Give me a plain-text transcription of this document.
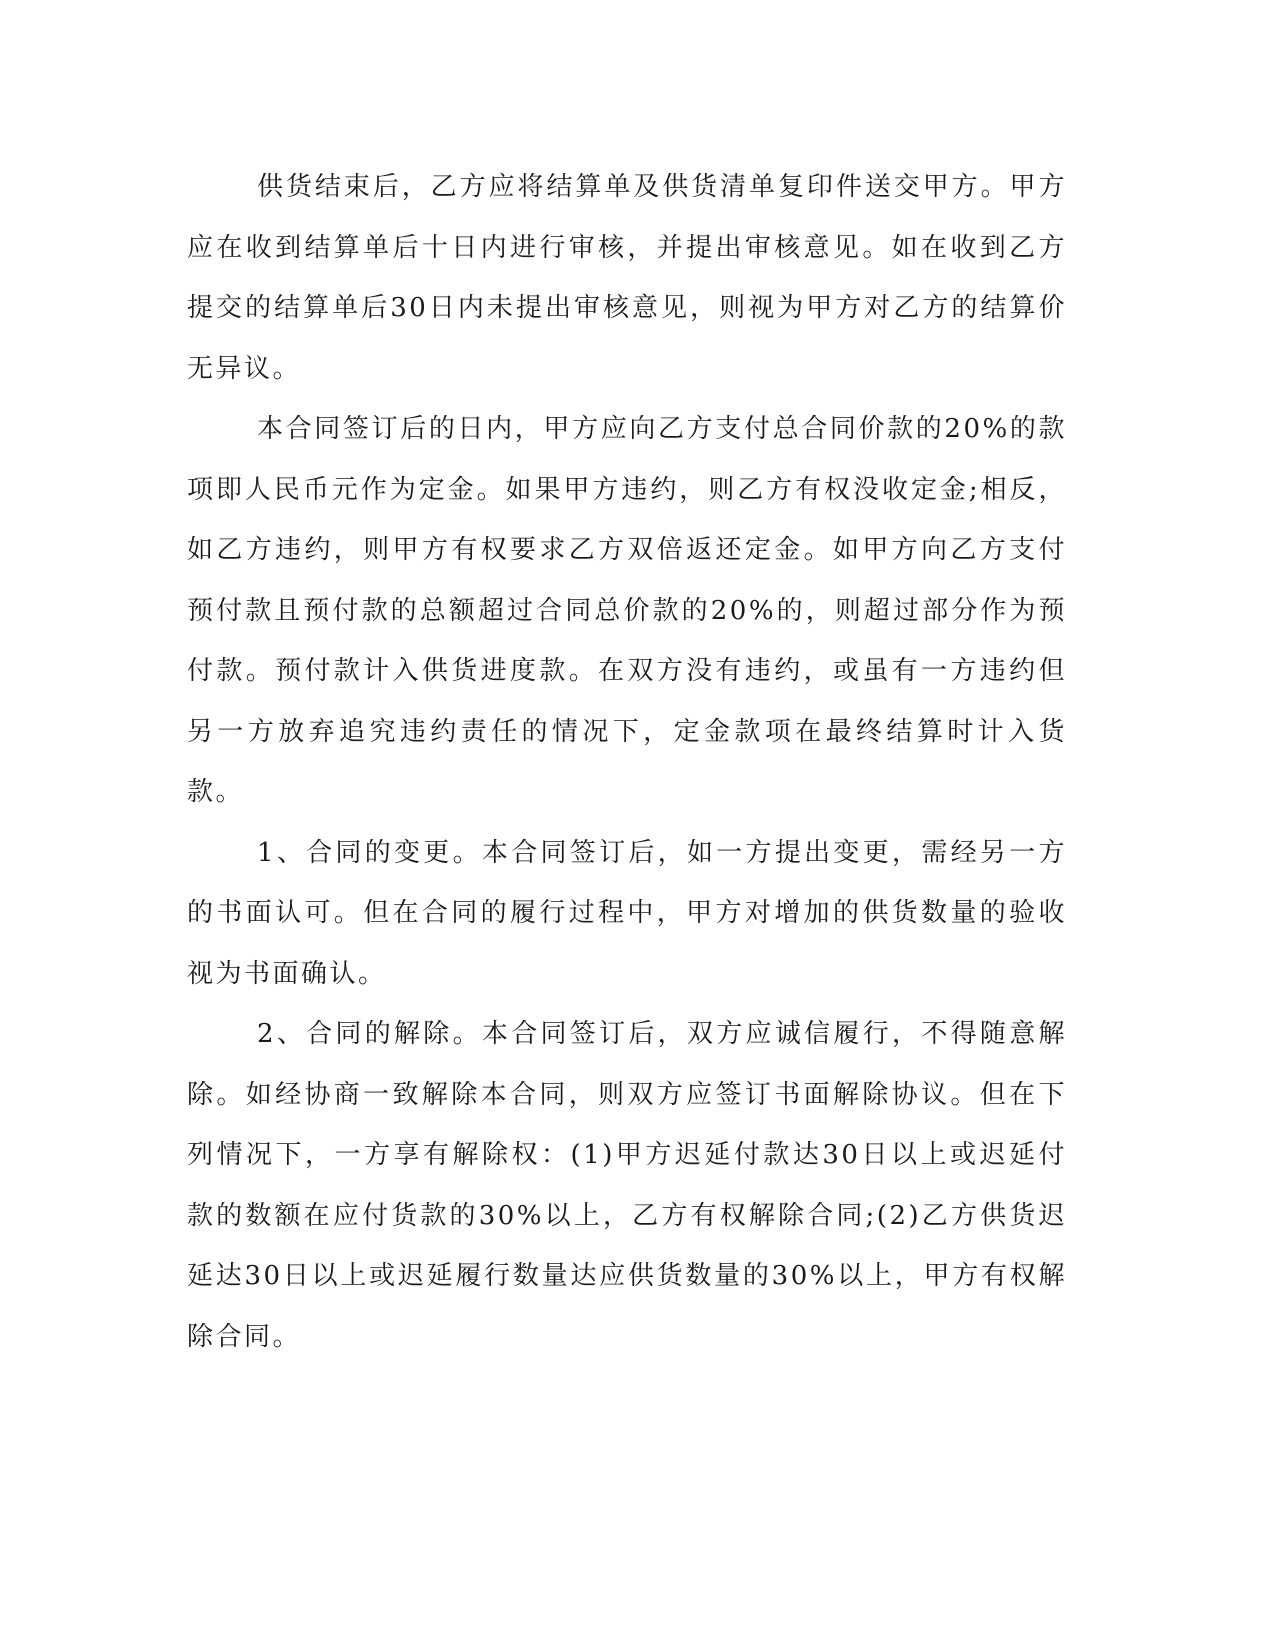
供货结束后，乙方应将结算单及供货清单复印件送交甲方。甲方应在收到结算单后十日内进行审核，并提出审核意见。如在收到乙方提交的结算单后30日内未提出审核意见，则视为甲方对乙方的结算价无异议。

本合同签订后的日内，甲方应向乙方支付总合同价款的20%的款项即人民币元作为定金。如果甲方违约，则乙方有权没收定金;相反，如乙方违约，则甲方有权要求乙方双倍返还定金。如甲方向乙方支付预付款且预付款的总额超过合同总价款的20%的，则超过部分作为预付款。预付款计入供货进度款。在双方没有违约，或虽有一方违约但另一方放弃追究违约责任的情况下，定金款项在最终结算时计入货款。

1、合同的变更。本合同签订后，如一方提出变更，需经另一方的书面认可。但在合同的履行过程中，甲方对增加的供货数量的验收视为书面确认。

2、合同的解除。本合同签订后，双方应诚信履行，不得随意解除。如经协商一致解除本合同，则双方应签订书面解除协议。但在下列情况下，一方享有解除权：(1)甲方迟延付款达30日以上或迟延付款的数额在应付货款的30%以上，乙方有权解除合同;(2)乙方供货迟延达30日以上或迟延履行数量达应供货数量的30%以上，甲方有权解除合同。
